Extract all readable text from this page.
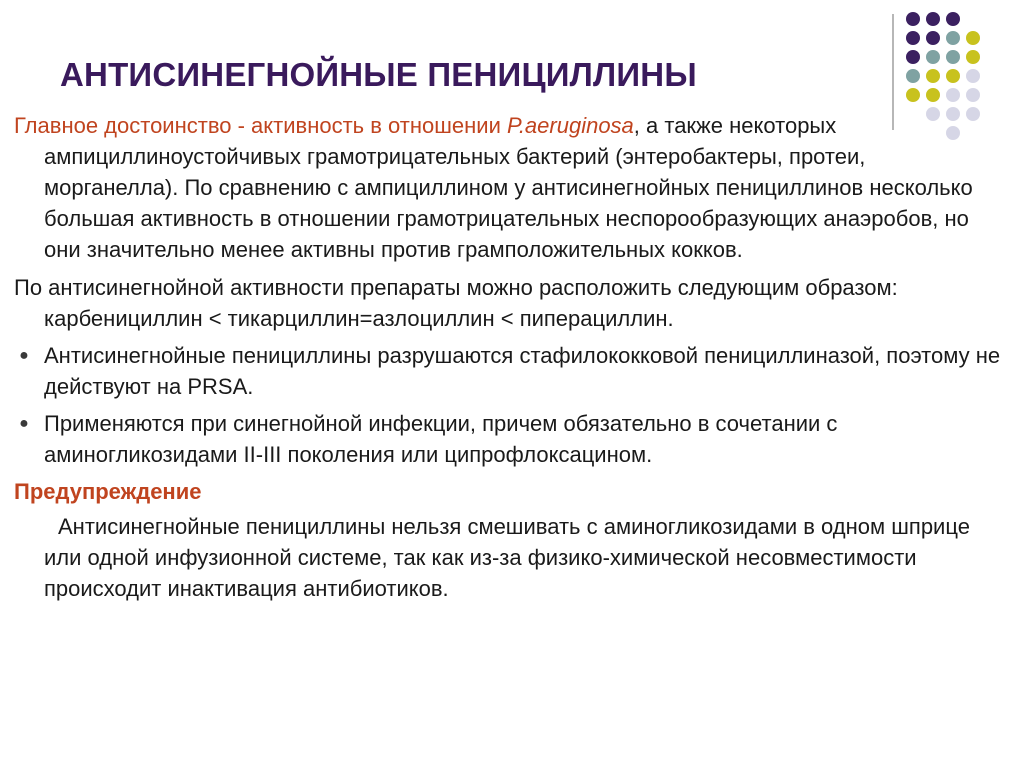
АНТИСИНЕГНОЙНЫЕ ПЕНИЦИЛЛИНЫ

Главное достоинство - активность в отношении P.aeruginosa, а также некоторых ампициллиноустойчивых грамотрицательных бактерий (энтеробактеры, протеи, морганелла). По сравнению с ампициллином у антисинегнойных пенициллинов несколько большая активность в отношении грамотрицательных неспорообразующих анаэробов, но они значительно менее активны против грамположительных кокков.

По антисинегнойной активности препараты можно расположить следующим образом: карбенициллин < тикарциллин=азлоциллин < пиперациллин.

● Антисинегнойные пенициллины разрушаются стафилококковой пенициллиназой, поэтому не действуют на PRSA.
● Применяются при синегнойной инфекции, причем обязательно в сочетании с аминогликозидами II-III поколения или ципрофлоксацином.
Предупреждение

Антисинегнойные пенициллины нельзя смешивать с аминогликозидами в одном шприце или одной инфузионной системе, так как из-за физико-химической несовместимости происходит инактивация антибиотиков.
